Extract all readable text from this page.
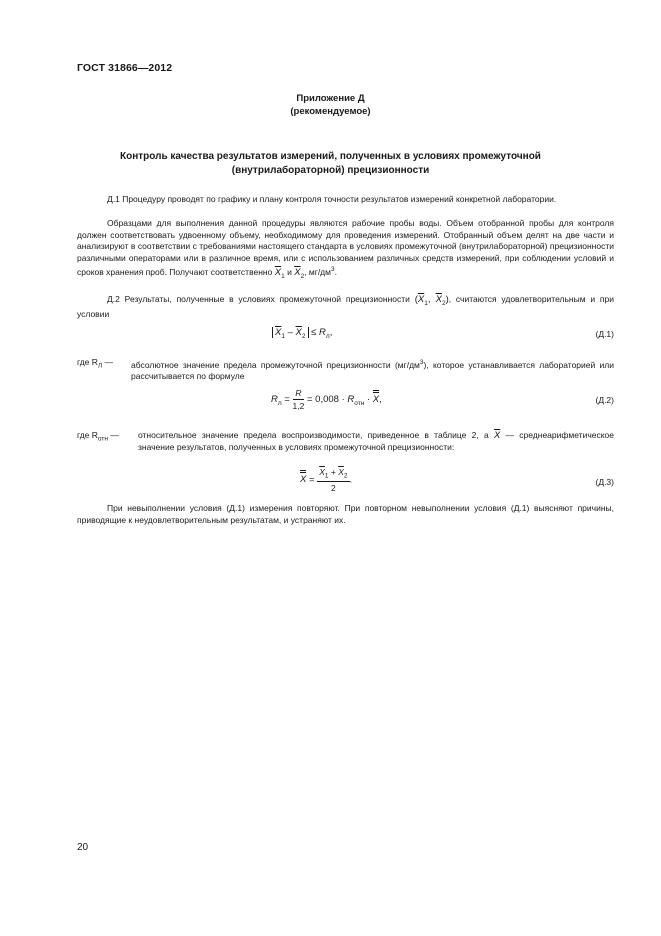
ГОСТ 31866—2012
Приложение Д
(рекомендуемое)
Контроль качества результатов измерений, полученных в условиях промежуточной
(внутрилабораторной) прецизионности
Д.1 Процедуру проводят по графику и плану контроля точности результатов измерений конкретной лаборатории.
Образцами для выполнения данной процедуры являются рабочие пробы воды. Объем отобранной пробы для контроля должен соответствовать удвоенному объему, необходимому для проведения измерений. Отобранный объем делят на две части и анализируют в соответствии с требованиями настоящего стандарта в условиях промежуточной (внутрилабораторной) прецизионности различными операторами или в различное время, или с использованием различных средств измерений, при соблюдении условий и сроков хранения проб. Получают соответственно $\overline{X}_1$ и $\overline{X}_2$, $мг/дм^3$.
Д.2 Результаты, полученные в условиях промежуточной прецизионности ($\overline{X}_1$, $\overline{X}_2$), считаются удовлетворительным и при условии
$\overline{X}_1 - \overline{X}_2 \le R_л$,	(Д.1)
где $R_Л$ — абсолютное значение предела промежуточной прецизионности $(мг/дм^3)$, которое устанавливается лабораторией или рассчитывается по формуле
$R_л = \frac{R}{1,2} = 0,008 \cdot R_{отн} \cdot X$,	(Д.2)
где $R_{отн}$ — относительное значение предела воспроизводимости, приведенное в таблице 2, а $\overline{X}$ — среднеарифметическое значение результатов, полученных в условиях промежуточной прецизионности:
$X = \frac{\overline{X}_1 + \overline{X}_2}{2}$ .	(Д.3)
При невыполнении условия (Д.1) измерения повторяют. При повторном невыполнении условия (Д.1) выясняют причины, приводящие к неудовлетворительным результатам, и устраняют их.
20
